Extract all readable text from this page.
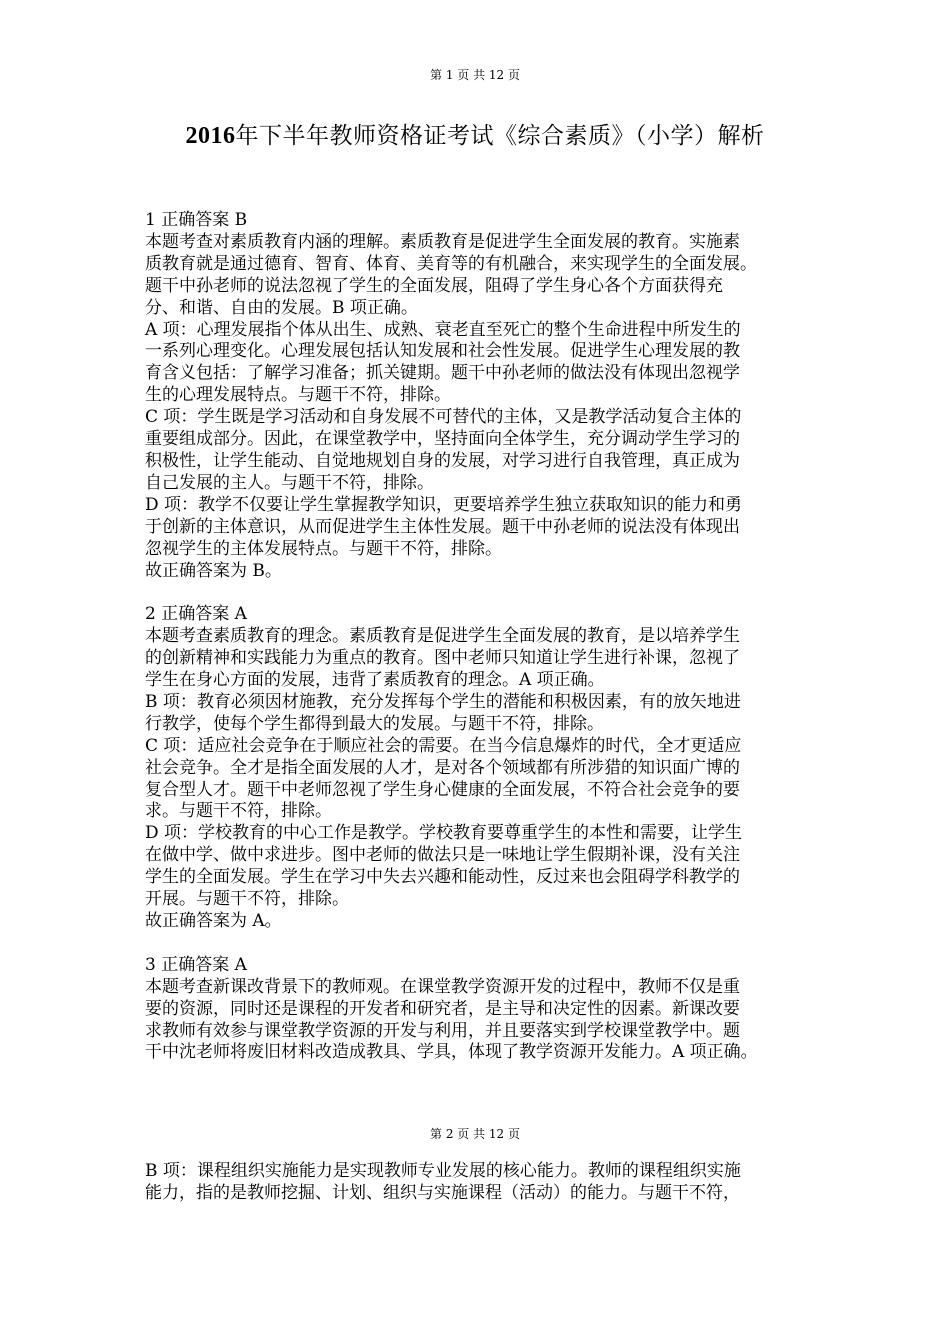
第 1 页 共 12 页
2016年下半年教师资格证考试《综合素质》（小学）解析
1 正确答案 B
本题考查对素质教育内涵的理解。素质教育是促进学生全面发展的教育。实施素
质教育就是通过德育、智育、体育、美育等的有机融合，来实现学生的全面发展。
题干中孙老师的说法忽视了学生的全面发展，阻碍了学生身心各个方面获得充
分、和谐、自由的发展。B 项正确。
A 项：心理发展指个体从出生、成熟、衰老直至死亡的整个生命进程中所发生的
一系列心理变化。心理发展包括认知发展和社会性发展。促进学生心理发展的教
育含义包括：了解学习准备；抓关键期。题干中孙老师的做法没有体现出忽视学
生的心理发展特点。与题干不符，排除。
C 项：学生既是学习活动和自身发展不可替代的主体，又是教学活动复合主体的
重要组成部分。因此，在课堂教学中，坚持面向全体学生，充分调动学生学习的
积极性，让学生能动、自觉地规划自身的发展，对学习进行自我管理，真正成为
自己发展的主人。与题干不符，排除。
D 项：教学不仅要让学生掌握教学知识，更要培养学生独立获取知识的能力和勇
于创新的主体意识，从而促进学生主体性发展。题干中孙老师的说法没有体现出
忽视学生的主体发展特点。与题干不符，排除。
故正确答案为 B。
2 正确答案 A
本题考查素质教育的理念。素质教育是促进学生全面发展的教育，是以培养学生
的创新精神和实践能力为重点的教育。图中老师只知道让学生进行补课，忽视了
学生在身心方面的发展，违背了素质教育的理念。A 项正确。
B 项：教育必须因材施教，充分发挥每个学生的潜能和积极因素，有的放矢地进
行教学，使每个学生都得到最大的发展。与题干不符，排除。
C 项：适应社会竞争在于顺应社会的需要。在当今信息爆炸的时代，全才更适应
社会竞争。全才是指全面发展的人才，是对各个领域都有所涉猎的知识面广博的
复合型人才。题干中老师忽视了学生身心健康的全面发展，不符合社会竞争的要
求。与题干不符，排除。
D 项：学校教育的中心工作是教学。学校教育要尊重学生的本性和需要，让学生
在做中学、做中求进步。图中老师的做法只是一味地让学生假期补课，没有关注
学生的全面发展。学生在学习中失去兴趣和能动性，反过来也会阻碍学科教学的
开展。与题干不符，排除。
故正确答案为 A。
3 正确答案 A
本题考查新课改背景下的教师观。在课堂教学资源开发的过程中，教师不仅是重
要的资源，同时还是课程的开发者和研究者，是主导和决定性的因素。新课改要
求教师有效参与课堂教学资源的开发与利用，并且要落实到学校课堂教学中。题
干中沈老师将废旧材料改造成教具、学具，体现了教学资源开发能力。A 项正确。
第 2 页 共 12 页
B 项：课程组织实施能力是实现教师专业发展的核心能力。教师的课程组织实施
能力，指的是教师挖掘、计划、组织与实施课程（活动）的能力。与题干不符，
